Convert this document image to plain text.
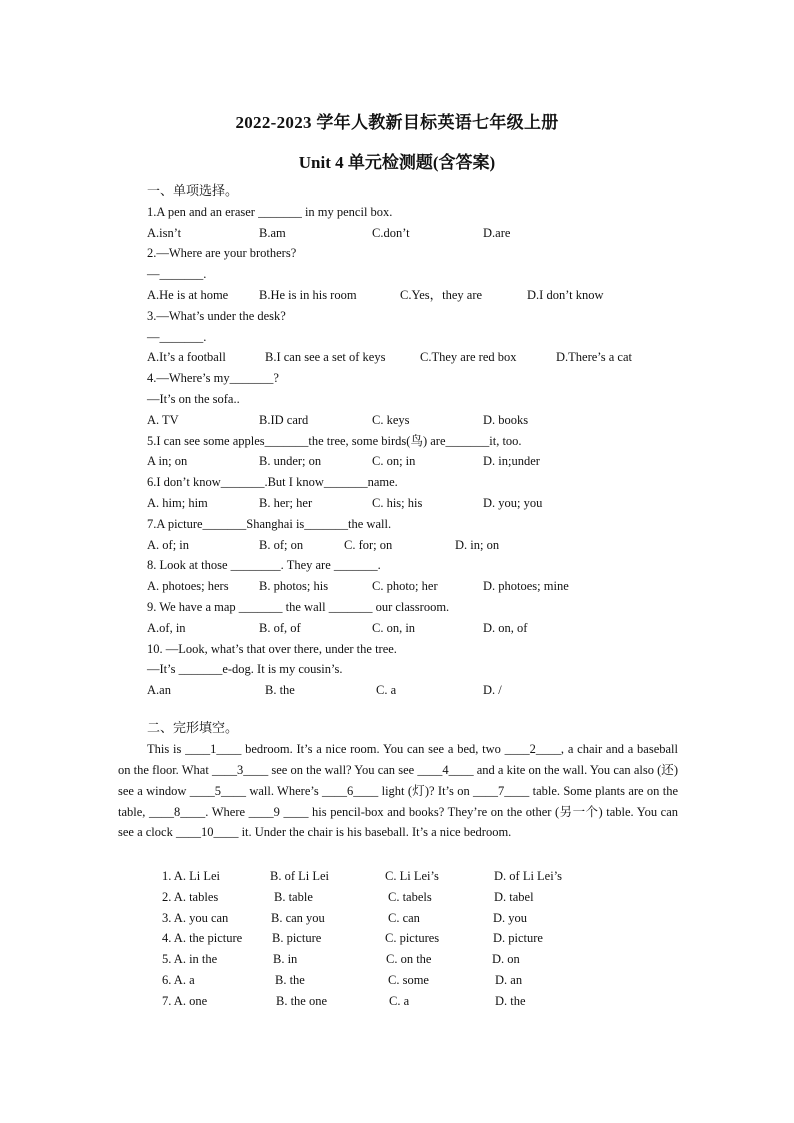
2022-2023 学年人教新目标英语七年级上册
Unit 4 单元检测题(含答案)
一、单项选择。
1.A pen and an eraser _______ in my pencil box.
A.isn’t	B.am	C.don’t	D.are
2.—Where are your brothers?
—_______.
A.He is at home B.He is in his room	C.Yes，they are	D.I don’t know
3.—What’s under the desk?
—_______.
A.It’s a football	B.I can see a set of keys	C.They are red box	D.There’s a cat
4.—Where’s my_______?
—It’s on the sofa..
A. TV	B.ID card	C. keys	D. books
5.I can see some apples_______the tree, some birds(鸟) are_______it, too.
A in; on	B. under; on	C. on; in	D. in;under
6.I don’t know_______.But I know_______name.
A. him; him	B. her; her	C. his; his	D. you; you
7.A picture_______Shanghai is_______the wall.
A. of; in	B. of; on	C. for; on	D. in; on
8. Look at those ________. They are _______.
A. photoes; hers B. photos; his	C. photo; her	D. photoes; mine
9. We have a map _______ the wall _______ our classroom.
A.of, in	B. of, of	C. on, in	D. on, of
10. —Look, what’s that over there, under the tree.
—It’s _______e-dog. It is my cousin’s.
A.an	B. the	C. a	D. /
二、完形填空。

This is ____1____ bedroom. It’s a nice room. You can see a bed, two ____2____, a chair and a baseball on the floor. What ____3____ see on the wall? You can see ____4____ and a kite on the wall. You can also (还) see a window ____5____ wall. Where’s ____6____ light (灯)? It’s on ____7____ table. Some plants are on the table, ____8____. Where ____9 ____ his pencil-box and books? They’re on the other (另一个) table. You can see a clock ____10____ it. Under the chair is his baseball. It’s a nice bedroom.

1. A. Li Lei	B. of Li Lei	C. Li Lei’s	D. of Li Lei’s
2. A. tables	B. table	C. tabels	D. tabel
3. A. you can	B. can you	C. can	D. you
4. A. the picture B. picture	C. pictures	D. picture
5. A. in the	B. in	C. on the	D. on
6. A. a	B. the	C. some	D. an
7. A. one	B. the one	C. a	D. the
